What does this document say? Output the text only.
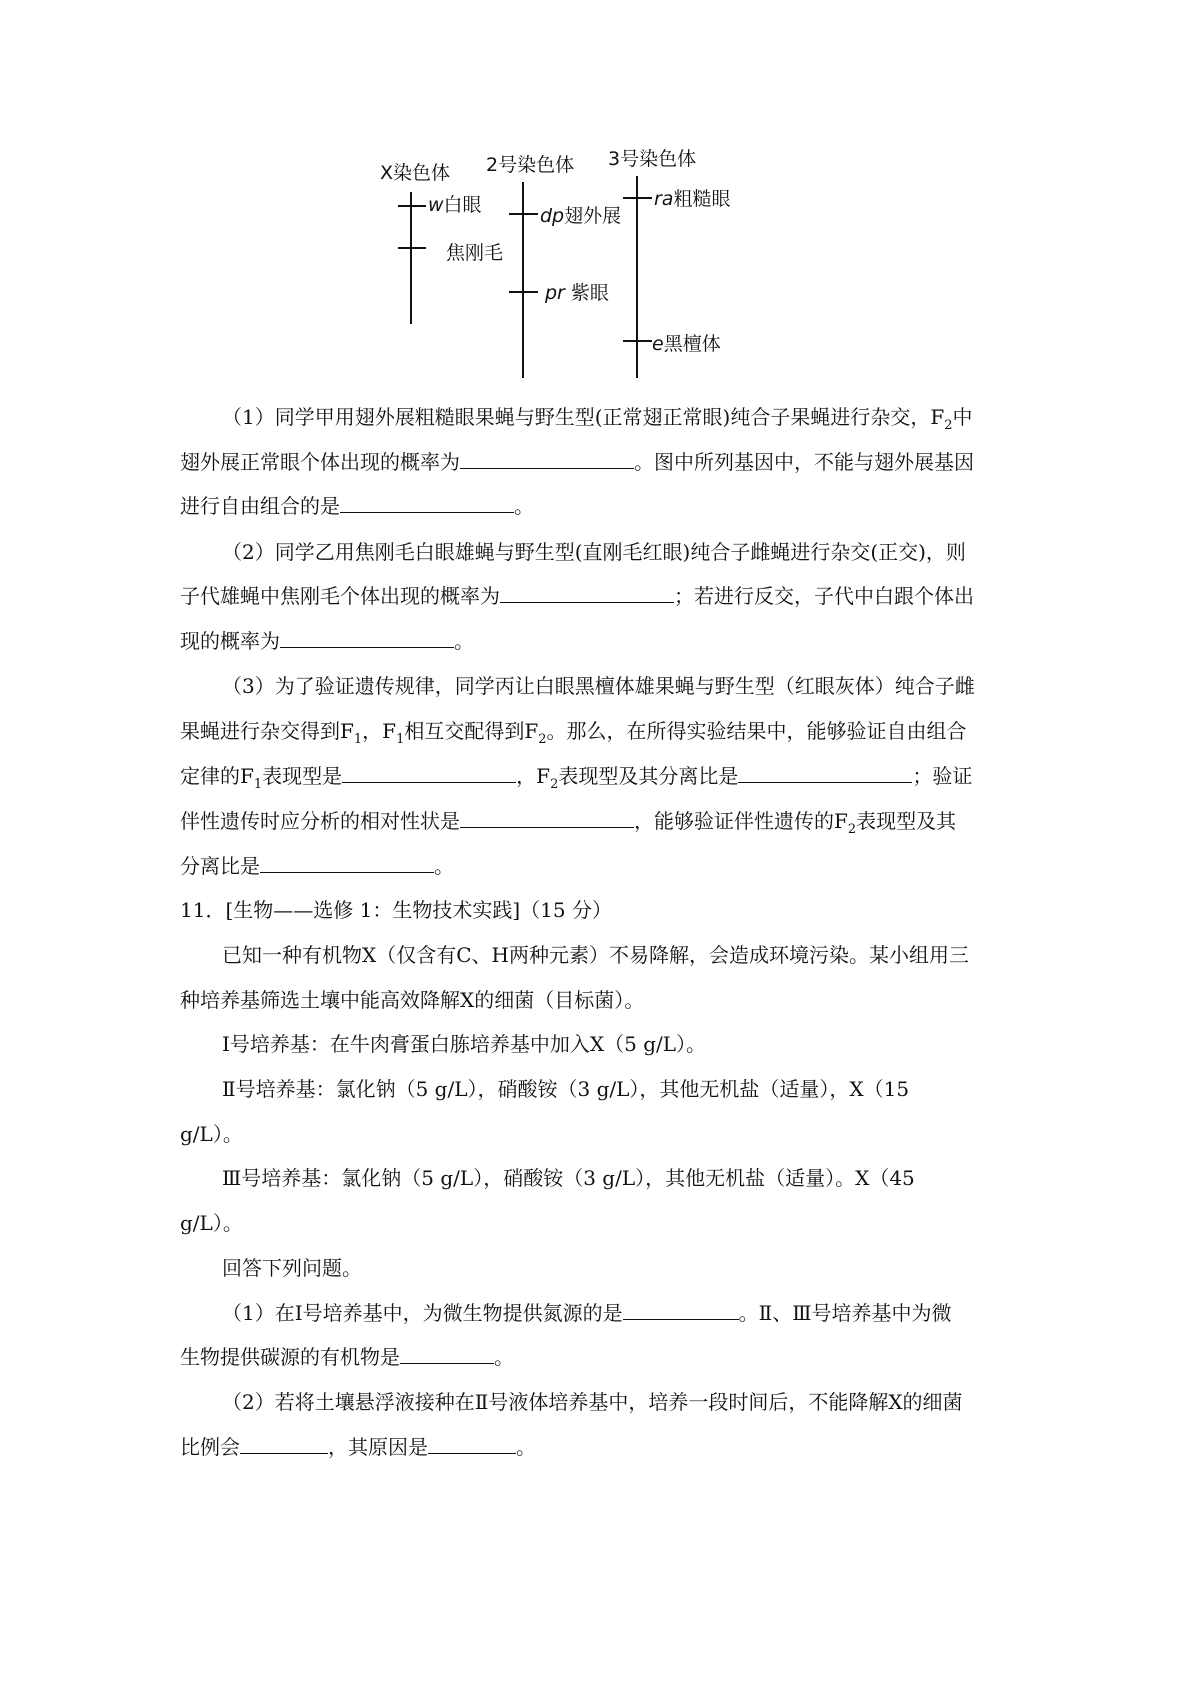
X染色体
w白眼
焦刚毛
2号染色体
dp翅外展
pr 紫眼
3号染色体
ra粗糙眼
e黑檀体
（1）同学甲用翅外展粗糙眼果蝇与野生型(正常翅正常眼)纯合子果蝇进行杂交，$F_2$中
翅外展正常眼个体出现的概率为	。图中所列基因中，不能与翅外展基因
进行自由组合的是	。
（2）同学乙用焦刚毛白眼雄蝇与野生型(直刚毛红眼)纯合子雌蝇进行杂交(正交)，则
子代雄蝇中焦刚毛个体出现的概率为	；若进行反交，子代中白跟个体出
现的概率为	。
（3）为了验证遗传规律，同学丙让白眼黑檀体雄果蝇与野生型（红眼灰体）纯合子雌
果蝇进行杂交得到$F_1$，$F_1$相互交配得到$F_2$。那么，在所得实验结果中，能够验证自由组合
定律的$F_1$表现型是	，$F_2$表现型及其分离比是	；验证
伴性遗传时应分析的相对性状是	，能够验证伴性遗传的$F_2$表现型及其
分离比是	。
11．[生物——选修 1：生物技术实践]（15 分）
已知一种有机物X（仅含有C、H两种元素）不易降解，会造成环境污染。某小组用三
种培养基筛选土壤中能高效降解X的细菌（目标菌）。
Ⅰ号培养基：在牛肉膏蛋白胨培养基中加入X（5 g/L）。
Ⅱ号培养基：氯化钠（5 g/L），硝酸铵（3 g/L），其他无机盐（适量），X（15
g/L）。
Ⅲ号培养基：氯化钠（5 g/L），硝酸铵（3 g/L），其他无机盐（适量）。X（45
g/L）。
回答下列问题。
（1）在Ⅰ号培养基中，为微生物提供氮源的是	。Ⅱ、Ⅲ号培养基中为微
生物提供碳源的有机物是	。
（2）若将土壤悬浮液接种在Ⅱ号液体培养基中，培养一段时间后，不能降解X的细菌
比例会	，其原因是	。
